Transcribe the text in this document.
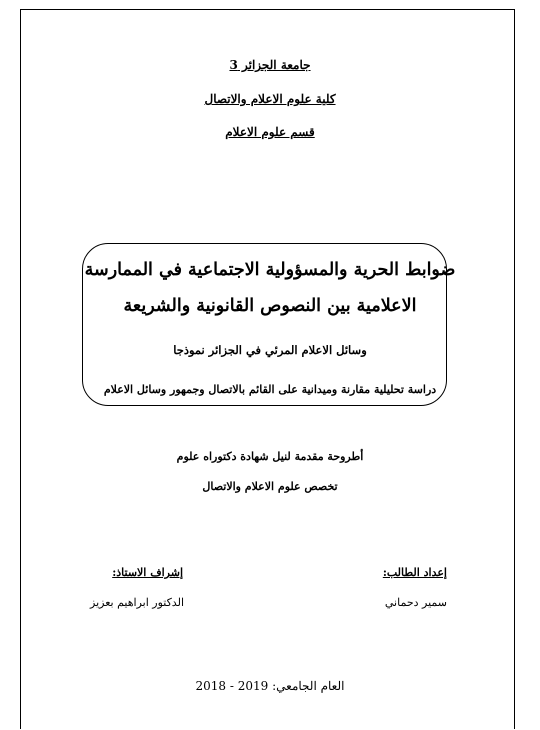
جامعة الجزائر 3
كلية علوم الاعلام والاتصال
قسم علوم الاعلام
ضوابط الحرية والمسؤولية الاجتماعية في الممارسة
الاعلامية بين النصوص القانونية والشريعة
وسائل الاعلام المرئي في الجزائر نموذجا
دراسة تحليلية مقارنة وميدانية على القائم بالاتصال وجمهور وسائل الاعلام
أطروحة مقدمة لنيل شهادة دكتوراه علوم
تخصص علوم الاعلام والاتصال
إعداد الطالب:
سمير دحماني
إشراف الاستاذ:
الدكتور ابراهيم بعزيز
العام الجامعي: 2018 - 2019
